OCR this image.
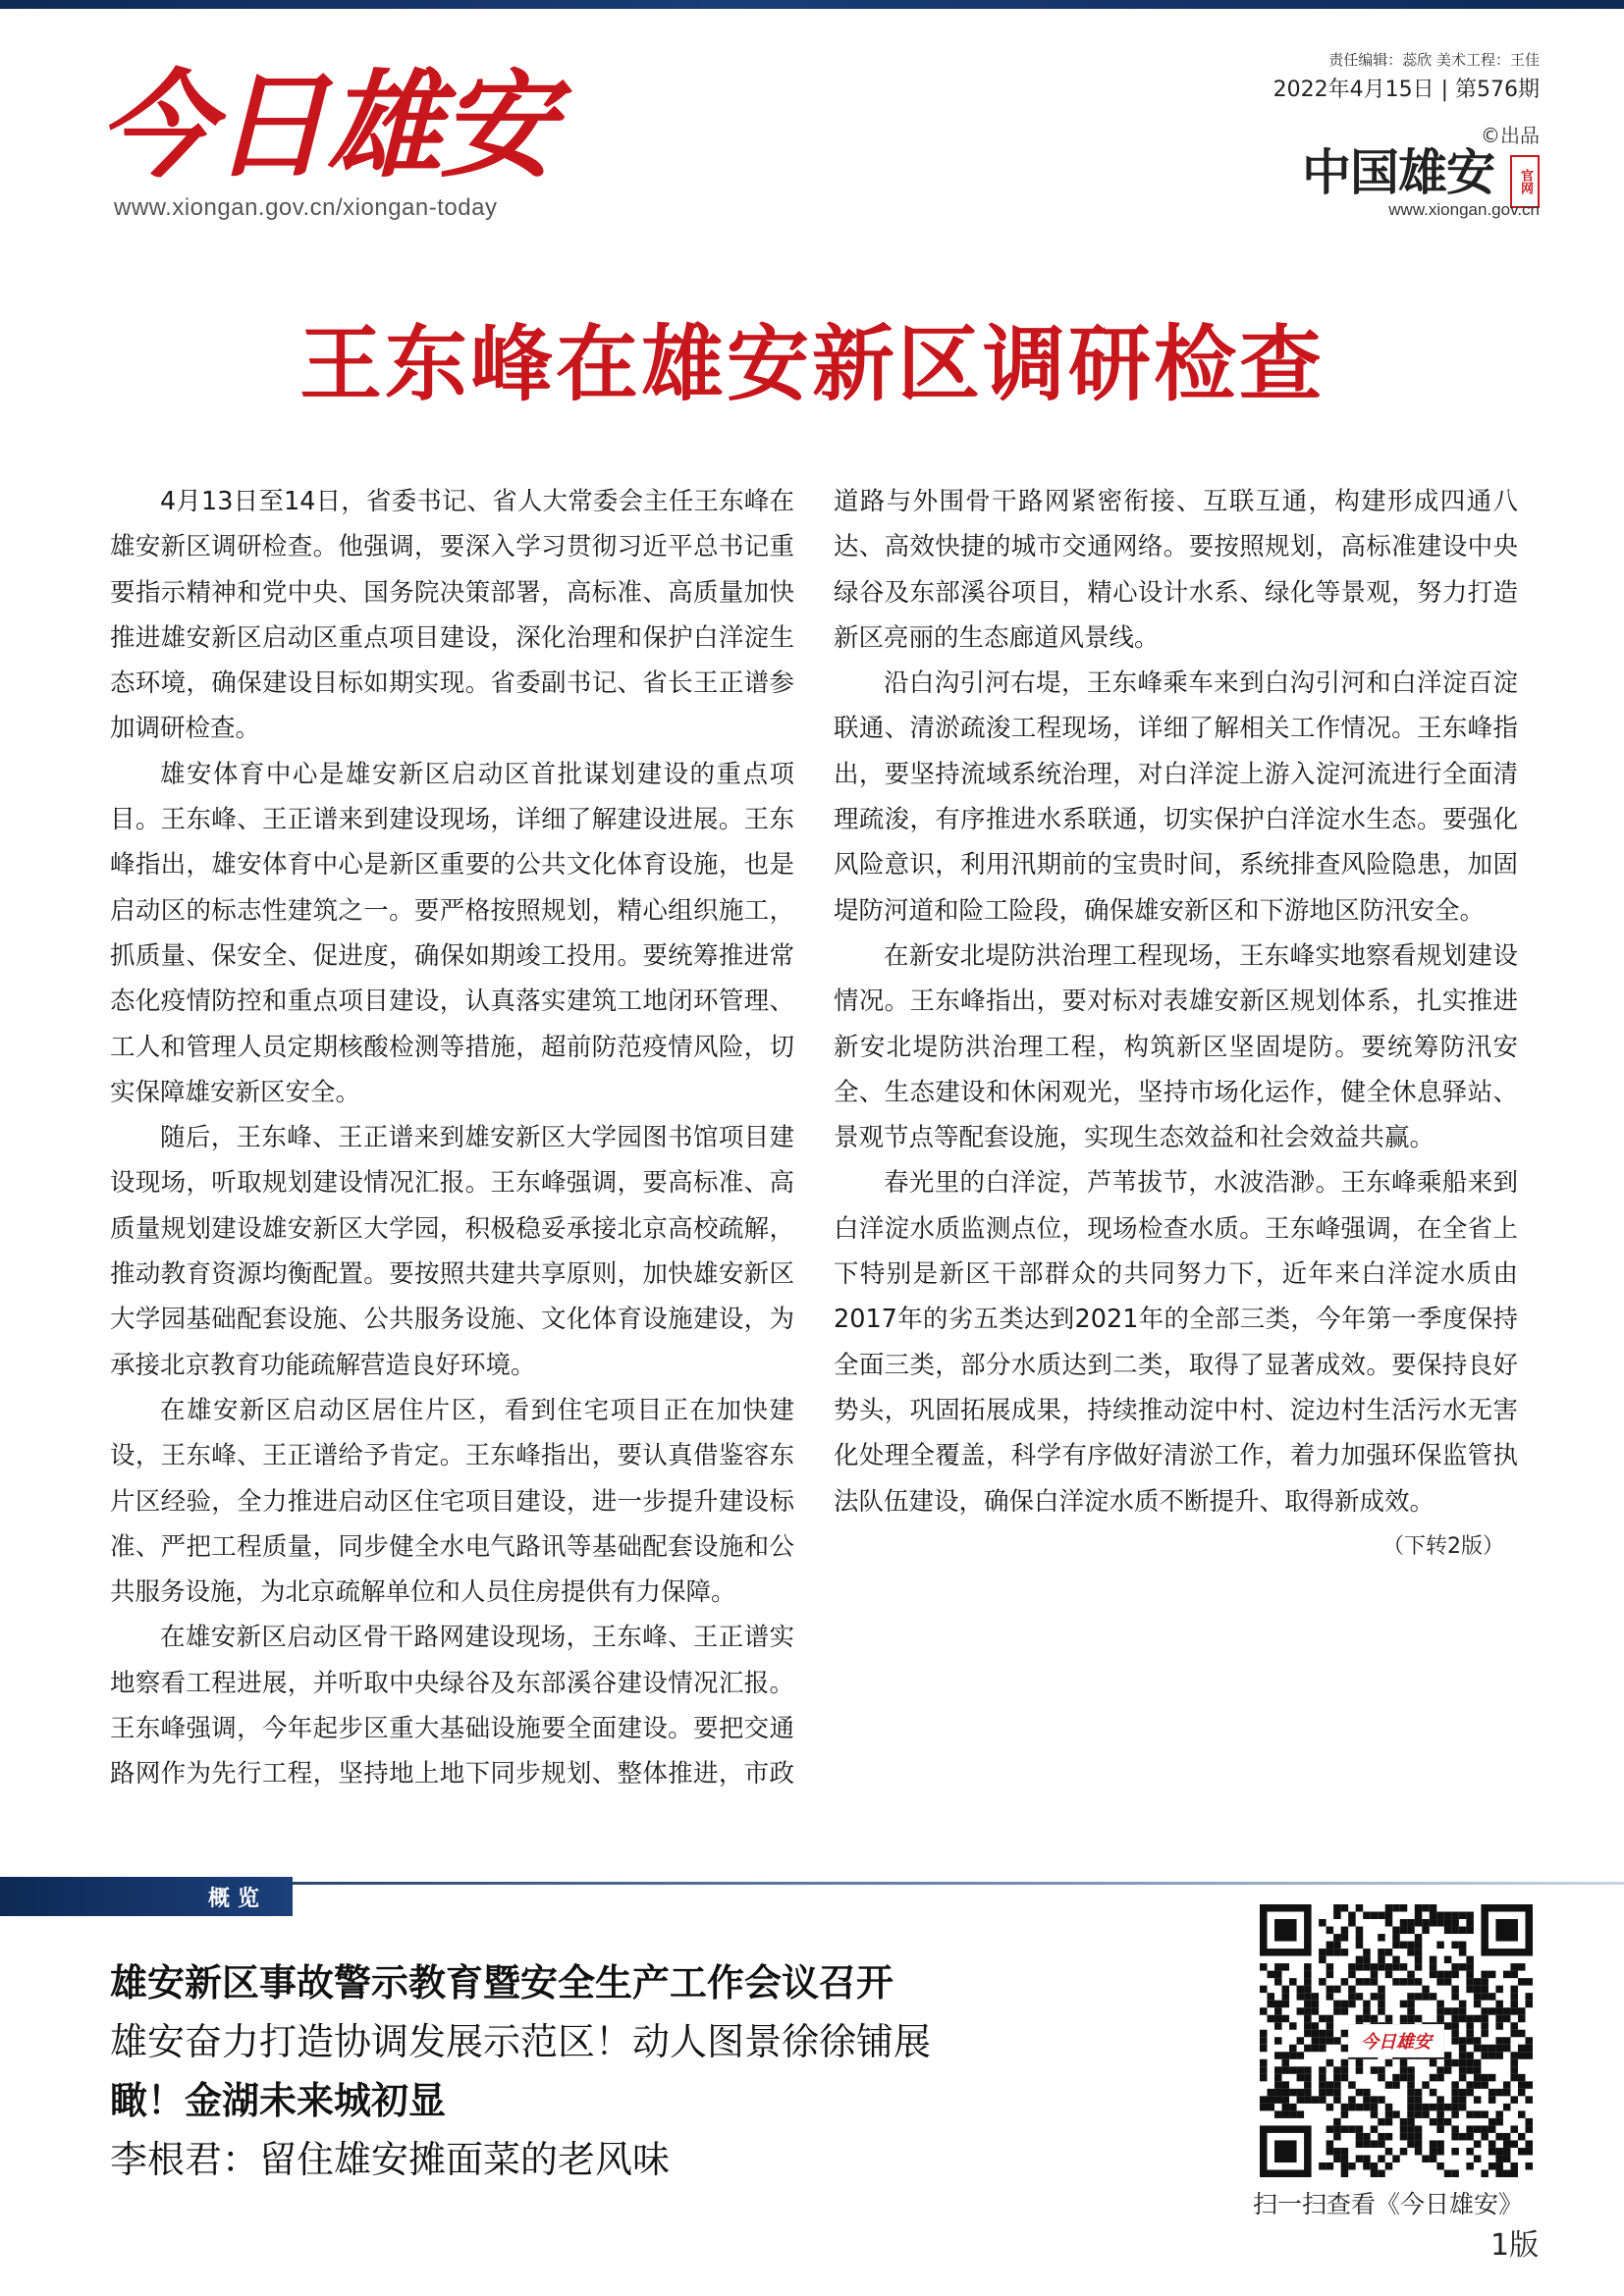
今日雄安
www.xiongan.gov.cn/xiongan-today
责任编辑：蕊欣 美术工程：王佳
2022年4月15日 | 第576期
©出品
中国雄安 官网
www.xiongan.gov.cn
王东峰在雄安新区调研检查

4月13日至14日，省委书记、省人大常委会主任王东峰在雄安新区调研检查。他强调，要深入学习贯彻习近平总书记重要指示精神和党中央、国务院决策部署，高标准、高质量加快推进雄安新区启动区重点项目建设，深化治理和保护白洋淀生态环境，确保建设目标如期实现。省委副书记、省长王正谱参加调研检查。

雄安体育中心是雄安新区启动区首批谋划建设的重点项目。王东峰、王正谱来到建设现场，详细了解建设进展。王东峰指出，雄安体育中心是新区重要的公共文化体育设施，也是启动区的标志性建筑之一。要严格按照规划，精心组织施工，抓质量、保安全、促进度，确保如期竣工投用。要统筹推进常态化疫情防控和重点项目建设，认真落实建筑工地闭环管理、工人和管理人员定期核酸检测等措施，超前防范疫情风险，切实保障雄安新区安全。

随后，王东峰、王正谱来到雄安新区大学园图书馆项目建设现场，听取规划建设情况汇报。王东峰强调，要高标准、高质量规划建设雄安新区大学园，积极稳妥承接北京高校疏解，推动教育资源均衡配置。要按照共建共享原则，加快雄安新区大学园基础配套设施、公共服务设施、文化体育设施建设，为承接北京教育功能疏解营造良好环境。

在雄安新区启动区居住片区，看到住宅项目正在加快建设，王东峰、王正谱给予肯定。王东峰指出，要认真借鉴容东片区经验，全力推进启动区住宅项目建设，进一步提升建设标准、严把工程质量，同步健全水电气路讯等基础配套设施和公共服务设施，为北京疏解单位和人员住房提供有力保障。

在雄安新区启动区骨干路网建设现场，王东峰、王正谱实地察看工程进展，并听取中央绿谷及东部溪谷建设情况汇报。王东峰强调，今年起步区重大基础设施要全面建设。要把交通路网作为先行工程，坚持地上地下同步规划、整体推进，市政道路与外围骨干路网紧密衔接、互联互通，构建形成四通八达、高效快捷的城市交通网络。要按照规划，高标准建设中央绿谷及东部溪谷项目，精心设计水系、绿化等景观，努力打造新区亮丽的生态廊道风景线。

沿白沟引河右堤，王东峰乘车来到白沟引河和白洋淀百淀联通、清淤疏浚工程现场，详细了解相关工作情况。王东峰指出，要坚持流域系统治理，对白洋淀上游入淀河流进行全面清理疏浚，有序推进水系联通，切实保护白洋淀水生态。要强化风险意识，利用汛期前的宝贵时间，系统排查风险隐患，加固堤防河道和险工险段，确保雄安新区和下游地区防汛安全。

在新安北堤防洪治理工程现场，王东峰实地察看规划建设情况。王东峰指出，要对标对表雄安新区规划体系，扎实推进新安北堤防洪治理工程，构筑新区坚固堤防。要统筹防汛安全、生态建设和休闲观光，坚持市场化运作，健全休息驿站、景观节点等配套设施，实现生态效益和社会效益共赢。

春光里的白洋淀，芦苇拔节，水波浩渺。王东峰乘船来到白洋淀水质监测点位，现场检查水质。王东峰强调，在全省上下特别是新区干部群众的共同努力下，近年来白洋淀水质由2017年的劣五类达到2021年的全部三类，今年第一季度保持全面三类，部分水质达到二类，取得了显著成效。要保持良好势头，巩固拓展成果，持续推动淀中村、淀边村生活污水无害化处理全覆盖，科学有序做好清淤工作，着力加强环保监管执法队伍建设，确保白洋淀水质不断提升、取得新成效。

（下转2版）
概览
雄安新区事故警示教育暨安全生产工作会议召开
雄安奋力打造协调发展示范区！动人图景徐徐铺展
瞰！金湖未来城初显
李根君：留住雄安摊面菜的老风味
今日雄安
扫一扫查看《今日雄安》
1版
